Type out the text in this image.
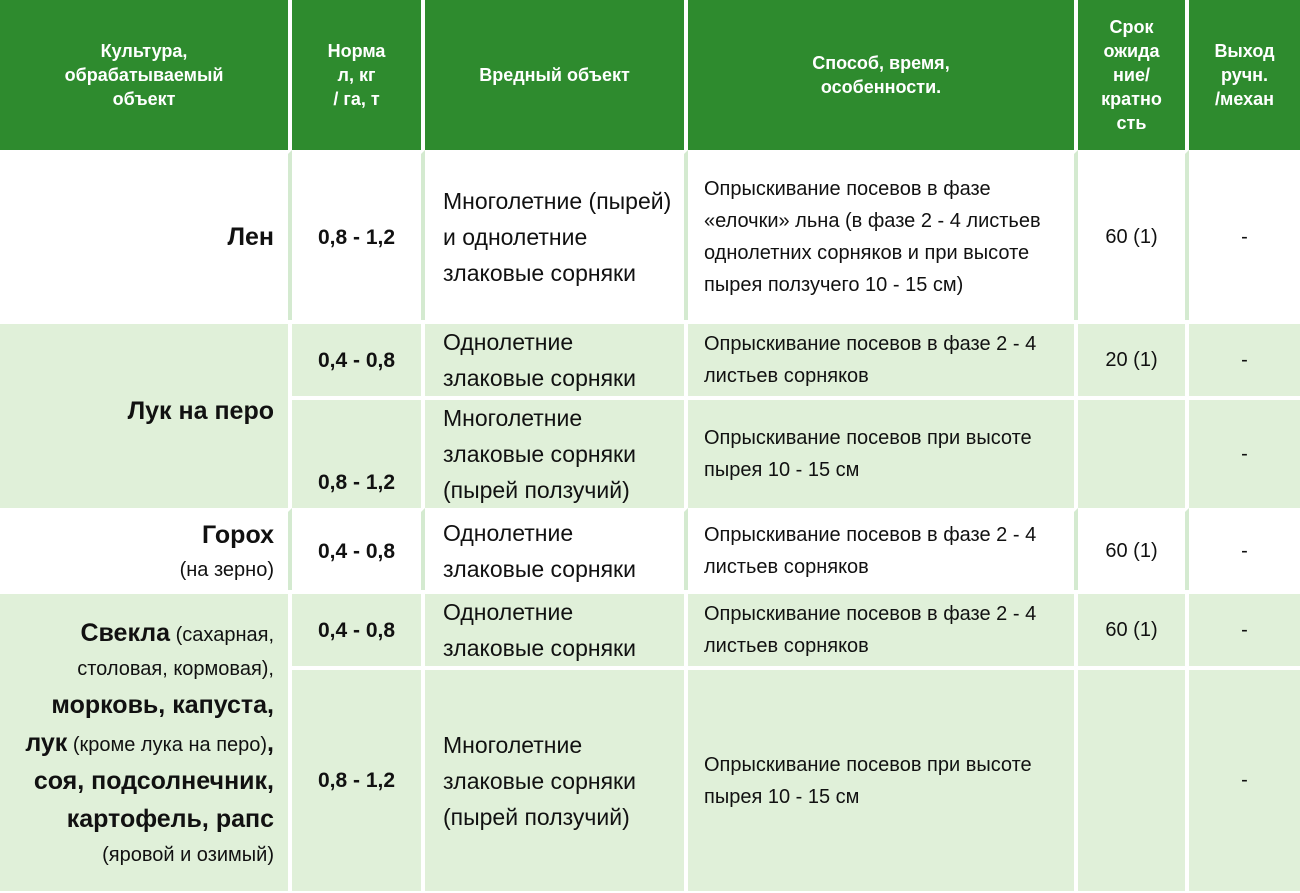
Культура,
обрабатываемый
объект	Норма
л, кг
/ га, т	Вредный объект	Способ, время,
особенности.	Срок
ожида
ние/
кратно
сть	Выход
ручн.
/механ
Лен	0,8 - 1,2	Многолетние (пырей) и однолетние злаковые сорняки	Опрыскивание посевов в фазе «елочки» льна (в фазе 2 - 4 листьев однолетних сорняков и при высоте пырея ползучего 10 - 15 см)	60 (1)	-
Лук на перо	0,4 - 0,8	Однолетние злаковые сорняки	Опрыскивание посевов в фазе 2 - 4 листьев сорняков	20 (1)	-
	0,8 - 1,2	Многолетние злаковые сорняки (пырей ползучий)	Опрыскивание посевов при высоте пырея 10 - 15 см		-
Горох
(на зерно)	0,4 - 0,8	Однолетние злаковые сорняки	Опрыскивание посевов в фазе 2 - 4 листьев сорняков	60 (1)	-
Свекла (сахарная, столовая, кормовая), морковь, капуста, лук (кроме лука на перо), соя, подсолнечник, картофель, рапс (яровой и озимый)	0,4 - 0,8	Однолетние злаковые сорняки	Опрыскивание посевов в фазе 2 - 4 листьев сорняков	60 (1)	-
	0,8 - 1,2	Многолетние злаковые сорняки (пырей ползучий)	Опрыскивание посевов при высоте пырея 10 - 15 см		-
